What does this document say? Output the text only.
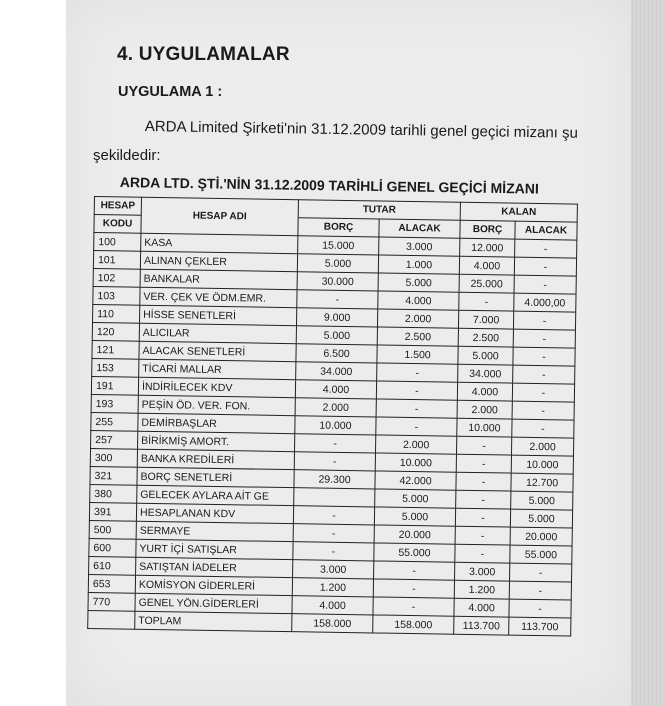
4. UYGULAMALAR
UYGULAMA 1 :
ARDA Limited Şirketi'nin 31.12.2009 tarihli genel geçici mizanı şu
şekildedir:
ARDA LTD. ŞTİ.'NİN 31.12.2009 TARİHLİ GENEL GEÇİCİ MİZANI
HESAP	HESAP ADI	TUTAR		KALAN	
KODU		BORÇ	ALACAK	BORÇ	ALACAK
100	KASA	15.000	3.000	12.000	-
101	ALINAN ÇEKLER	5.000	1.000	4.000	-
102	BANKALAR	30.000	5.000	25.000	-
103	VER. ÇEK VE ÖDM.EMR.	-	4.000	-	4.000,00
110	HİSSE SENETLERİ	9.000	2.000	7.000	-
120	ALICILAR	5.000	2.500	2.500	-
121	ALACAK SENETLERİ	6.500	1.500	5.000	-
153	TİCARİ MALLAR	34.000	-	34.000	-
191	İNDİRİLECEK KDV	4.000	-	4.000	-
193	PEŞİN ÖD. VER. FON.	2.000	-	2.000	-
255	DEMİRBAŞLAR	10.000	-	10.000	-
257	BİRİKMİŞ AMORT.	-	2.000	-	2.000
300	BANKA KREDİLERİ	-	10.000	-	10.000
321	BORÇ SENETLERİ	29.300	42.000	-	12.700
380	GELECEK AYLARA AİT GE		5.000	-	5.000
391	HESAPLANAN KDV	-	5.000	-	5.000
500	SERMAYE	-	20.000	-	20.000
600	YURT İÇİ SATIŞLAR	-	55.000	-	55.000
610	SATIŞTAN İADELER	3.000	-	3.000	-
653	KOMİSYON GİDERLERİ	1.200	-	1.200	-
770	GENEL YÖN.GİDERLERİ	4.000	-	4.000	-
	TOPLAM	158.000	158.000	113.700	113.700
